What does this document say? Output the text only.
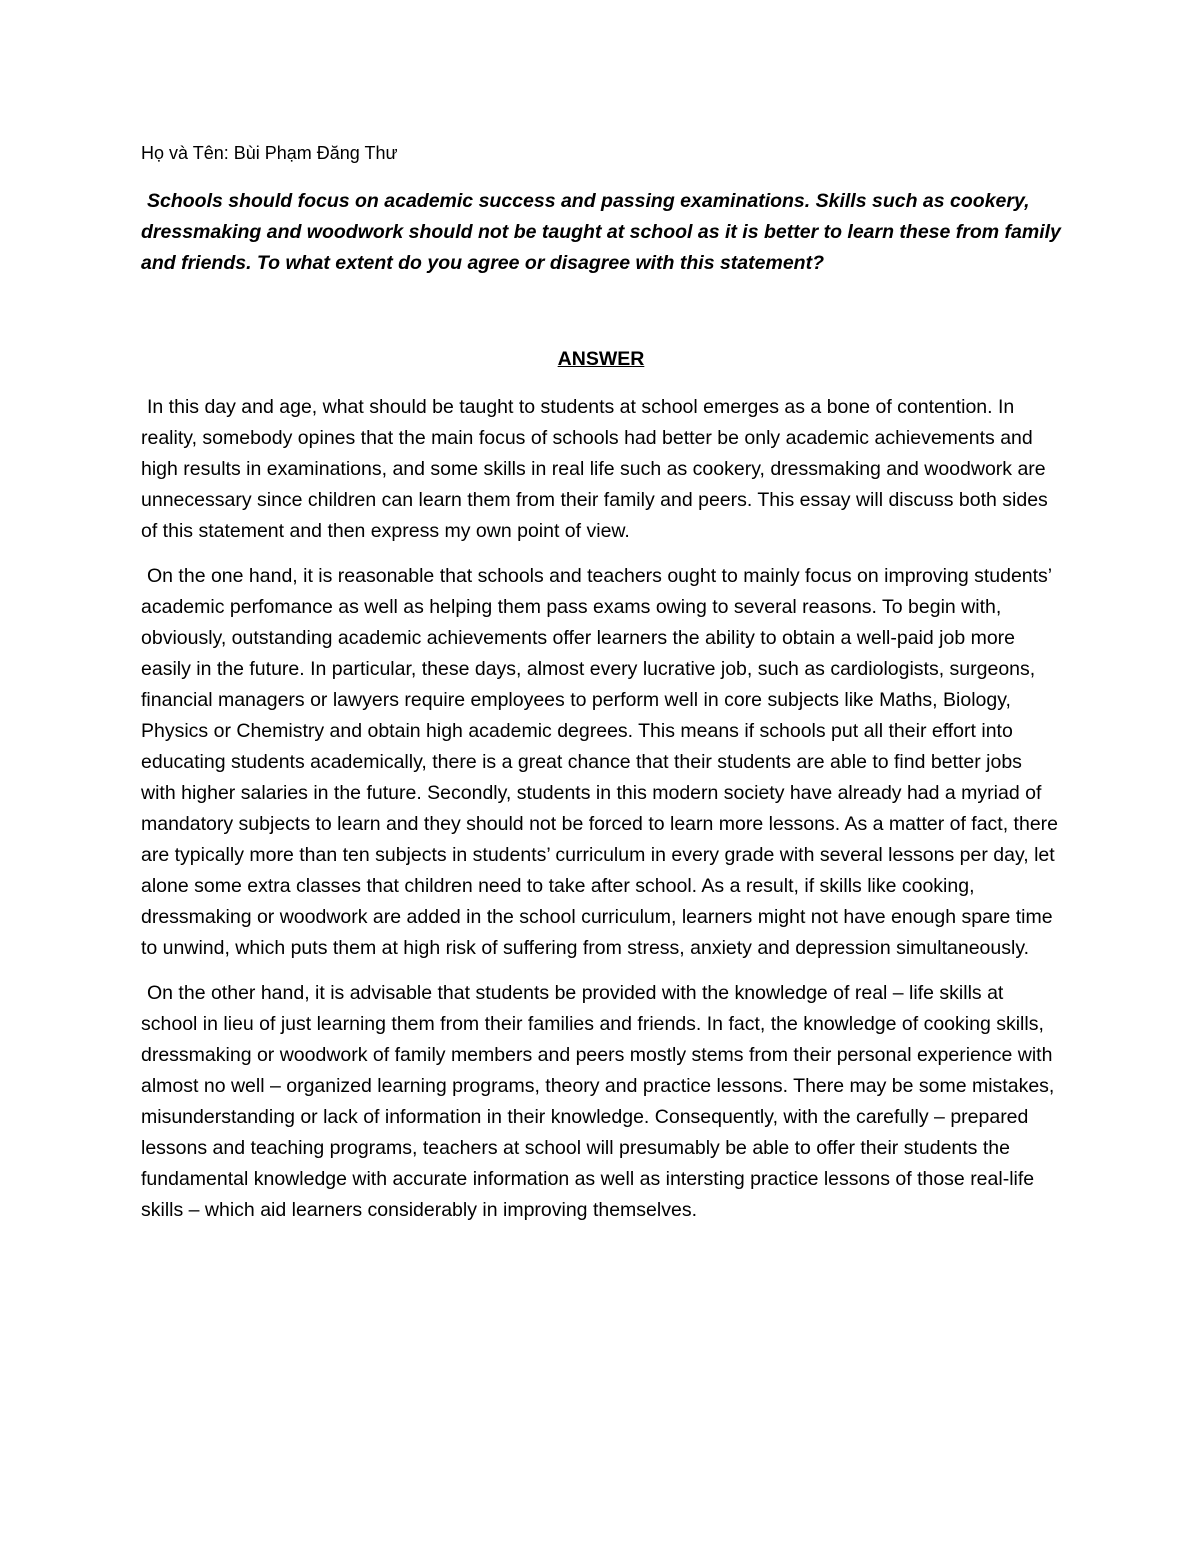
Họ và Tên: Bùi Phạm Đăng Thư

Schools should focus on academic success and passing examinations. Skills such as cookery, dressmaking and woodwork should not be taught at school as it is better to learn these from family and friends. To what extent do you agree or disagree with this statement?

ANSWER

In this day and age, what should be taught to students at school emerges as a bone of contention. In reality, somebody opines that the main focus of schools had better be only academic achievements and high results in examinations, and some skills in real life such as cookery, dressmaking and woodwork are unnecessary since children can learn them from their family and peers. This essay will discuss both sides of this statement and then express my own point of view.

On the one hand, it is reasonable that schools and teachers ought to mainly focus on improving students’ academic perfomance as well as helping them pass exams owing to several reasons. To begin with, obviously, outstanding academic achievements offer learners the ability to obtain a well-paid job more easily in the future. In particular, these days, almost every lucrative job, such as cardiologists, surgeons, financial managers or lawyers require employees to perform well in core subjects like Maths, Biology, Physics or Chemistry and obtain high academic degrees. This means if schools put all their effort into educating students academically, there is a great chance that their students are able to find better jobs with higher salaries in the future. Secondly, students in this modern society have already had a myriad of mandatory subjects to learn and they should not be forced to learn more lessons. As a matter of fact, there are typically more than ten subjects in students’ curriculum in every grade with several lessons per day, let alone some extra classes that children need to take after school. As a result, if skills like cooking, dressmaking or woodwork are added in the school curriculum, learners might not have enough spare time to unwind, which puts them at high risk of suffering from stress, anxiety and depression simultaneously.

On the other hand, it is advisable that students be provided with the knowledge of real – life skills at school in lieu of just learning them from their families and friends. In fact, the knowledge of cooking skills, dressmaking or woodwork of family members and peers mostly stems from their personal experience with almost no well – organized learning programs, theory and practice lessons. There may be some mistakes, misunderstanding or lack of information in their knowledge. Consequently, with the carefully – prepared lessons and teaching programs, teachers at school will presumably be able to offer their students the fundamental knowledge with accurate information as well as intersting practice lessons of those real-life skills – which aid learners considerably in improving themselves.
